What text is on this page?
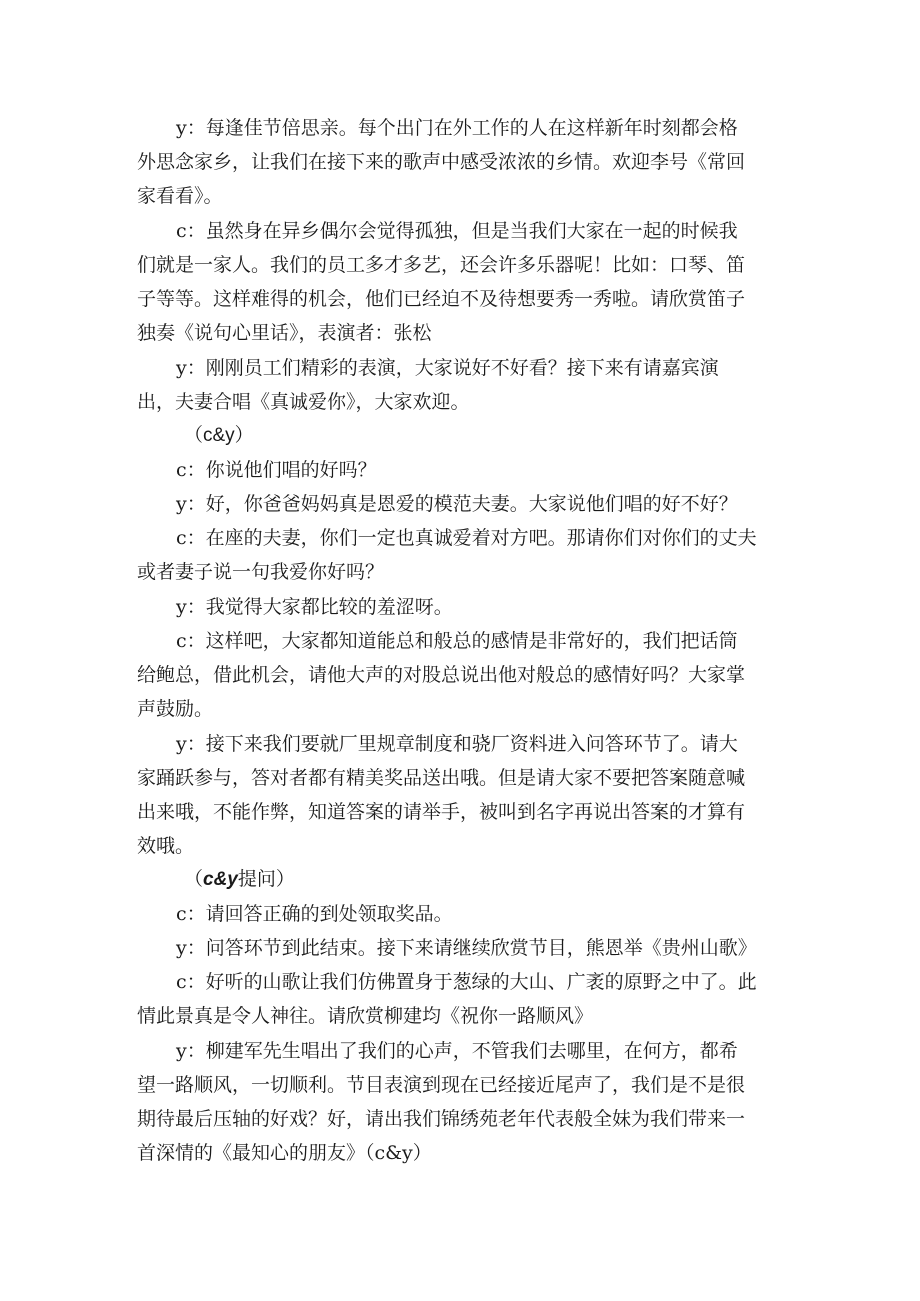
y：每逢佳节倍思亲。每个出门在外工作的人在这样新年时刻都会格
外思念家乡，让我们在接下来的歌声中感受浓浓的乡情。欢迎李号《常回
家看看》。
c：虽然身在异乡偶尔会觉得孤独，但是当我们大家在一起的时候我
们就是一家人。我们的员工多才多艺，还会许多乐器呢！比如：口琴、笛
子等等。这样难得的机会，他们已经迫不及待想要秀一秀啦。请欣赏笛子
独奏《说句心里话》，表演者：张松
y：刚刚员工们精彩的表演，大家说好不好看？接下来有请嘉宾演
出，夫妻合唱《真诚爱你》，大家欢迎。
（c&y）
c：你说他们唱的好吗？
y：好，你爸爸妈妈真是恩爱的模范夫妻。大家说他们唱的好不好？
c：在座的夫妻，你们一定也真诚爱着对方吧。那请你们对你们的丈夫
或者妻子说一句我爱你好吗？
y：我觉得大家都比较的羞涩呀。
c：这样吧，大家都知道能总和般总的感情是非常好的，我们把话筒
给鲍总，借此机会，请他大声的对股总说出他对般总的感情好吗？大家掌
声鼓励。
y：接下来我们要就厂里规章制度和骁厂资料进入问答环节了。请大
家踊跃参与，答对者都有精美奖品送出哦。但是请大家不要把答案随意喊
出来哦，不能作弊，知道答案的请举手，被叫到名字再说出答案的才算有
效哦。
（c&y提问）
c：请回答正确的到处领取奖品。
y：问答环节到此结束。接下来请继续欣赏节目，熊恩举《贵州山歌》
c：好听的山歌让我们仿佛置身于葱绿的大山、广袤的原野之中了。此
情此景真是令人神往。请欣赏柳建均《祝你一路顺风》
y：柳建军先生唱出了我们的心声，不管我们去哪里，在何方，都希
望一路顺风，一切顺利。节目表演到现在已经接近尾声了，我们是不是很
期待最后压轴的好戏？好，请出我们锦绣苑老年代表般全妹为我们带来一
首深情的《最知心的朋友》（c&y）
